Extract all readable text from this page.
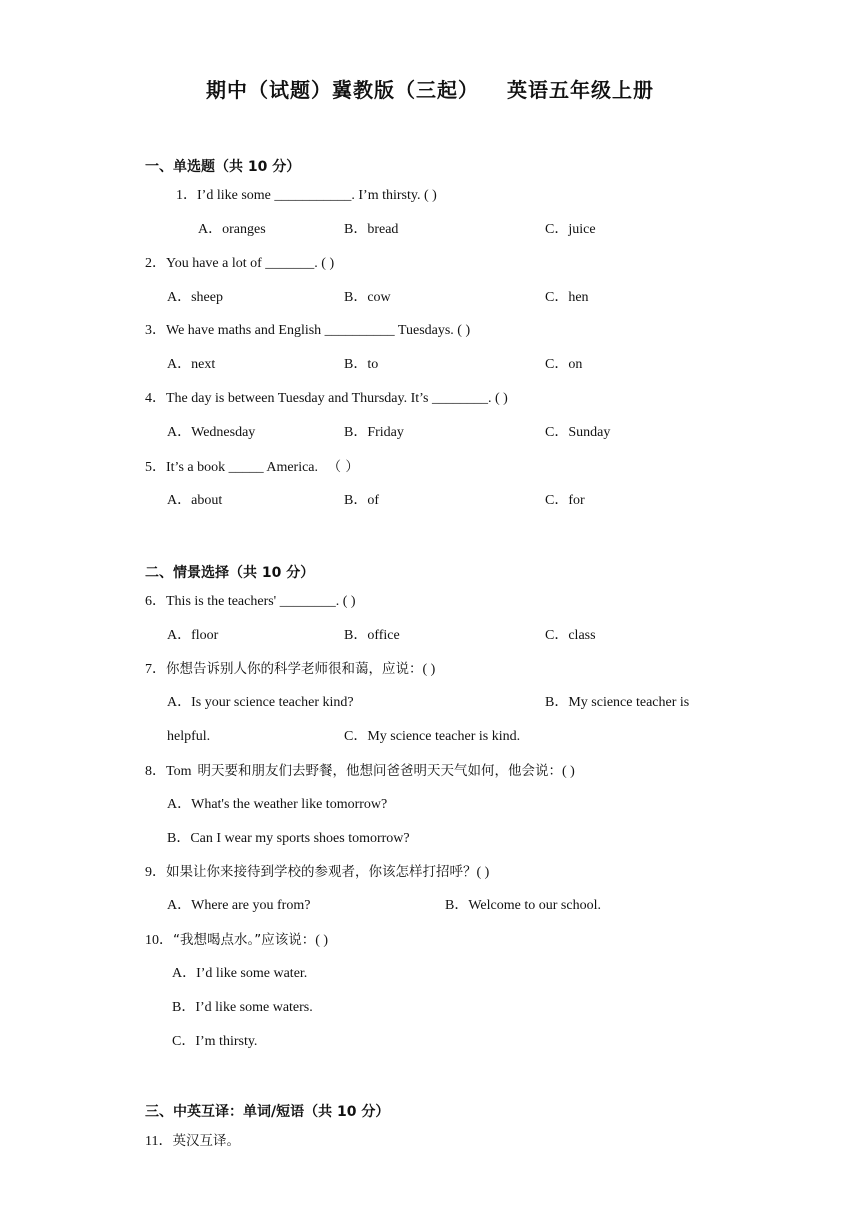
期中（试题）冀教版（三起） 英语五年级上册
一、单选题（共 10 分）
1．I’d like some ___________. I’m thirsty. ( )
A．oranges	B．bread	C．juice
2．You have a lot of _______. ( )
A．sheep	B．cow	C．hen
3．We have maths and English __________ Tuesdays. ( )
A．next	B．to	C．on
4．The day is between Tuesday and Thursday. It’s ________. ( )
A．Wednesday	B．Friday	C．Sunday
5．It’s a book _____ America. （ ）
A．about	B．of	C．for
二、情景选择（共 10 分）
6．This is the teachers' ________. ( )
A．floor	B．office	C．class
7．你想告诉别人你的科学老师很和蔼，应说：( )
A．Is your science teacher kind?	B．My science teacher is
helpful.	C．My science teacher is kind.
8．Tom 明天要和朋友们去野餐，他想问爸爸明天天气如何，他会说：( )
A．What's the weather like tomorrow?
B．Can I wear my sports shoes tomorrow?
9．如果让你来接待到学校的参观者，你该怎样打招呼？( )
A．Where are you from?	B．Welcome to our school.
10．“我想喝点水。”应该说：( )
A．I’d like some water.
B．I’d like some waters.
C．I’m thirsty.
三、中英互译：单词/短语（共 10 分）
11．英汉互译。
